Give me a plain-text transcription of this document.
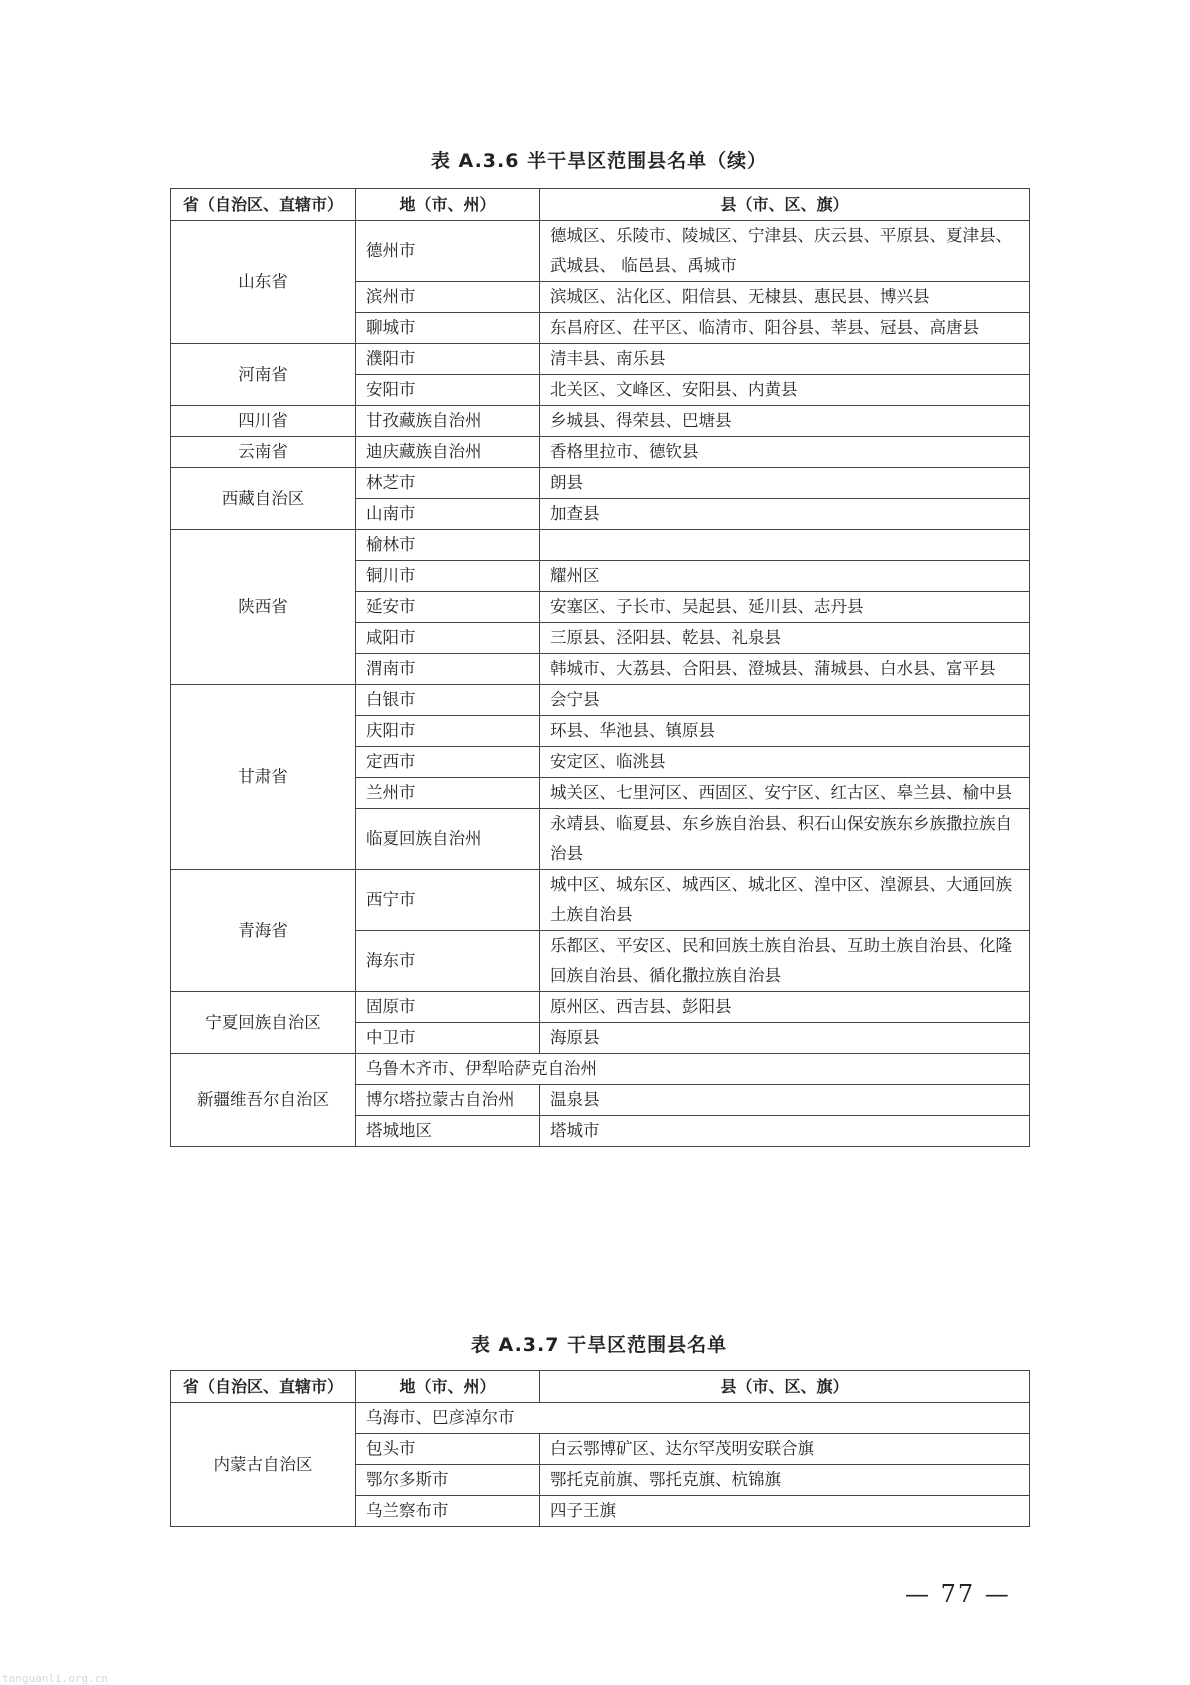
表 A.3.6 半干旱区范围县名单（续）
省（自治区、直辖市）	地（市、州）	县（市、区、旗）
山东省	德州市	德城区、乐陵市、陵城区、宁津县、庆云县、平原县、夏津县、武城县、 临邑县、禹城市
	滨州市	滨城区、沾化区、阳信县、无棣县、惠民县、博兴县
	聊城市	东昌府区、茌平区、临清市、阳谷县、莘县、冠县、高唐县
河南省	濮阳市	清丰县、南乐县
	安阳市	北关区、文峰区、安阳县、内黄县
四川省	甘孜藏族自治州	乡城县、得荣县、巴塘县
云南省	迪庆藏族自治州	香格里拉市、德钦县
西藏自治区	林芝市	朗县
	山南市	加查县
陕西省	榆林市	
	铜川市	耀州区
	延安市	安塞区、子长市、吴起县、延川县、志丹县
	咸阳市	三原县、泾阳县、乾县、礼泉县
	渭南市	韩城市、大荔县、合阳县、澄城县、蒲城县、白水县、富平县
甘肃省	白银市	会宁县
	庆阳市	环县、华池县、镇原县
	定西市	安定区、临洮县
	兰州市	城关区、七里河区、西固区、安宁区、红古区、皋兰县、榆中县
	临夏回族自治州	永靖县、临夏县、东乡族自治县、积石山保安族东乡族撒拉族自治县
青海省	西宁市	城中区、城东区、城西区、城北区、湟中区、湟源县、大通回族土族自治县
	海东市	乐都区、平安区、民和回族土族自治县、互助土族自治县、化隆回族自治县、循化撒拉族自治县
宁夏回族自治区	固原市	原州区、西吉县、彭阳县
	中卫市	海原县
新疆维吾尔自治区	乌鲁木齐市、伊犁哈萨克自治州	
	博尔塔拉蒙古自治州	温泉县
	塔城地区	塔城市
表 A.3.7 干旱区范围县名单
省（自治区、直辖市）	地（市、州）	县（市、区、旗）
内蒙古自治区	乌海市、巴彦淖尔市	
	包头市	白云鄂博矿区、达尔罕茂明安联合旗
	鄂尔多斯市	鄂托克前旗、鄂托克旗、杭锦旗
	乌兰察布市	四子王旗
— 77 —
tanguanli.org.cn
